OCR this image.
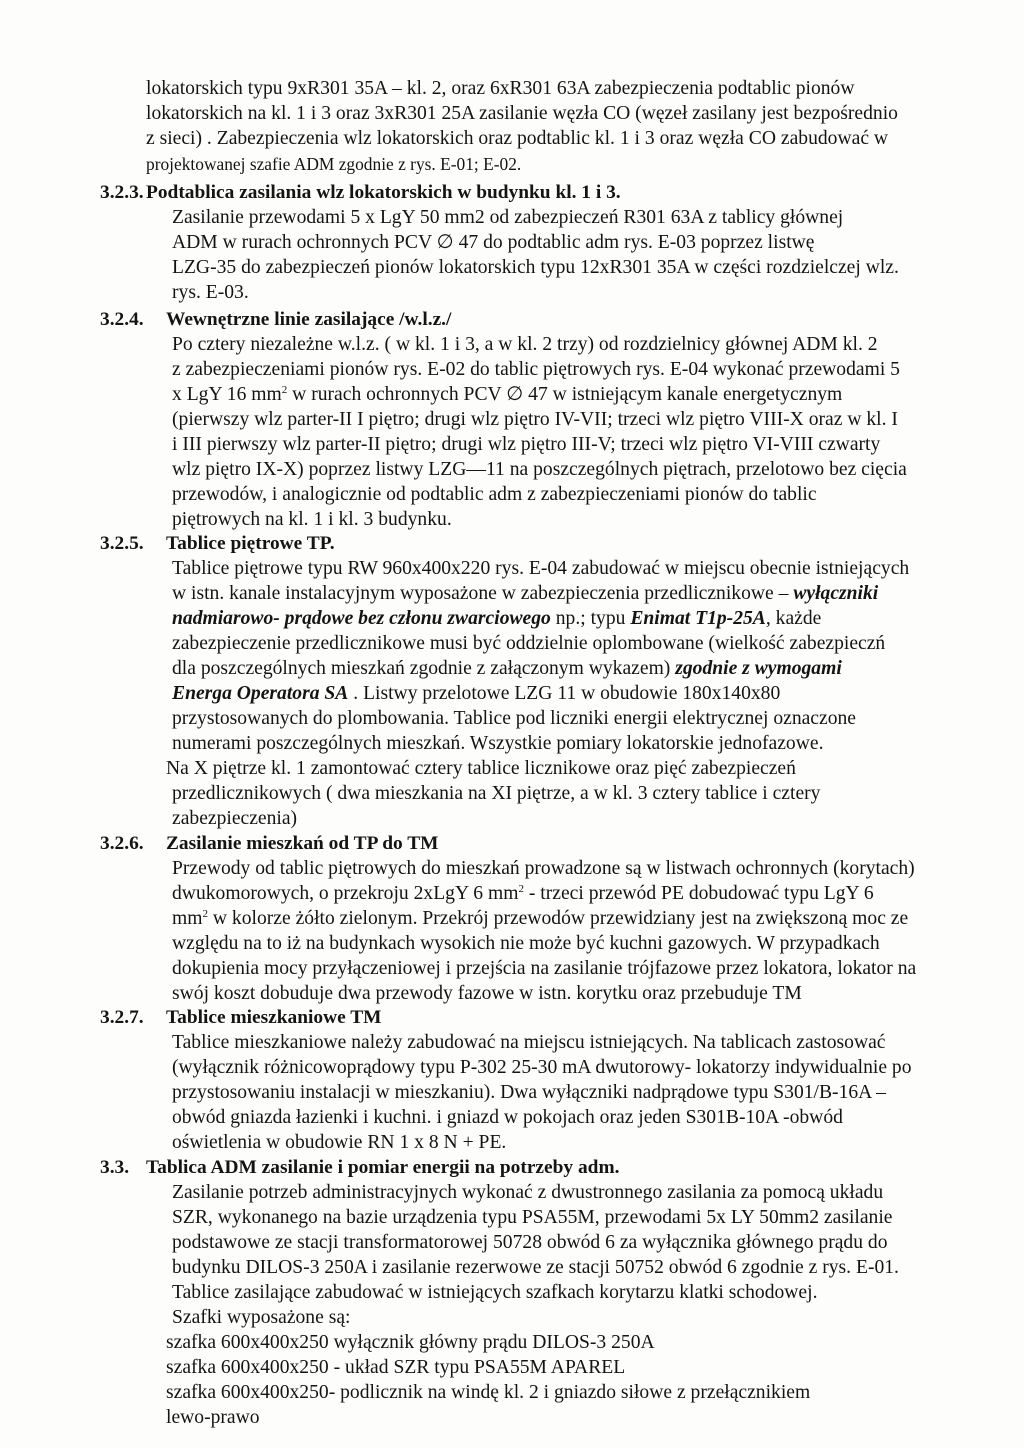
lokatorskich typu 9xR301 35A – kl. 2, oraz 6xR301 63A zabezpieczenia podtablic pionów
lokatorskich na kl. 1 i 3 oraz 3xR301 25A zasilanie węzła CO (węzeł zasilany jest bezpośrednio
z sieci) . Zabezpieczenia wlz lokatorskich oraz podtablic kl. 1 i 3 oraz węzła CO zabudować w
projektowanej szafie ADM zgodnie z rys. E-01; E-02.
3.2.3. Podtablica zasilania wlz lokatorskich w budynku kl. 1 i 3.
Zasilanie przewodami 5 x LgY 50 mm2 od zabezpieczeń R301 63A z tablicy głównej
ADM w rurach ochronnych PCV ∅ 47 do podtablic adm rys. E-03 poprzez listwę
LZG-35 do zabezpieczeń pionów lokatorskich typu 12xR301 35A w części rozdzielczej wlz.
rys. E-03.
3.2.4. Wewnętrzne linie zasilające /w.l.z./
Po cztery niezależne w.l.z. ( w kl. 1 i 3, a w kl. 2 trzy) od rozdzielnicy głównej ADM kl. 2
z zabezpieczeniami pionów rys. E-02 do tablic piętrowych rys. E-04 wykonać przewodami 5
x LgY 16 $mm^2$ w rurach ochronnych PCV ∅ 47 w istniejącym kanale energetycznym
(pierwszy wlz parter-II I piętro; drugi wlz piętro IV-VII; trzeci wlz piętro VIII-X oraz w kl. I
i III pierwszy wlz parter-II piętro; drugi wlz piętro III-V; trzeci wlz piętro VI-VIII czwarty
wlz piętro IX-X) poprzez listwy LZG—11 na poszczególnych piętrach, przelotowo bez cięcia
przewodów, i analogicznie od podtablic adm z zabezpieczeniami pionów do tablic
piętrowych na kl. 1 i kl. 3 budynku.
3.2.5. Tablice piętrowe TP.
Tablice piętrowe typu RW 960x400x220 rys. E-04 zabudować w miejscu obecnie istniejących
w istn. kanale instalacyjnym wyposażone w zabezpieczenia przedlicznikowe – wyłączniki
nadmiarowo- prądowe bez członu zwarciowego np.; typu Enimat T1p-25A, każde
zabezpieczenie przedlicznikowe musi być oddzielnie oplombowane (wielkość zabezpieczń
dla poszczególnych mieszkań zgodnie z załączonym wykazem) zgodnie z wymogami
Energa Operatora SA . Listwy przelotowe LZG 11 w obudowie 180x140x80
przystosowanych do plombowania. Tablice pod liczniki energii elektrycznej oznaczone
numerami poszczególnych mieszkań. Wszystkie pomiary lokatorskie jednofazowe.
Na X piętrze kl. 1 zamontować cztery tablice licznikowe oraz pięć zabezpieczeń
przedlicznikowych ( dwa mieszkania na XI piętrze, a w kl. 3 cztery tablice i cztery
zabezpieczenia)
3.2.6. Zasilanie mieszkań od TP do TM
Przewody od tablic piętrowych do mieszkań prowadzone są w listwach ochronnych (korytach)
dwukomorowych, o przekroju 2xLgY 6 $mm^2$ - trzeci przewód PE dobudować typu LgY 6
$mm^2$ w kolorze żółto zielonym. Przekrój przewodów przewidziany jest na zwiększoną moc ze
względu na to iż na budynkach wysokich nie może być kuchni gazowych. W przypadkach
dokupienia mocy przyłączeniowej i przejścia na zasilanie trójfazowe przez lokatora, lokator na
swój koszt dobuduje dwa przewody fazowe w istn. korytku oraz przebuduje TM
3.2.7. Tablice mieszkaniowe TM
Tablice mieszkaniowe należy zabudować na miejscu istniejących. Na tablicach zastosować
(wyłącznik różnicowoprądowy typu P-302 25-30 mA dwutorowy- lokatorzy indywidualnie po
przystosowaniu instalacji w mieszkaniu). Dwa wyłączniki nadprądowe typu S301/B-16A –
obwód gniazda łazienki i kuchni. i gniazd w pokojach oraz jeden S301B-10A -obwód
oświetlenia w obudowie RN 1 x 8 N + PE.
3.3. Tablica ADM zasilanie i pomiar energii na potrzeby adm.
Zasilanie potrzeb administracyjnych wykonać z dwustronnego zasilania za pomocą układu
SZR, wykonanego na bazie urządzenia typu PSA55M, przewodami 5x LY 50mm2 zasilanie
podstawowe ze stacji transformatorowej 50728 obwód 6 za wyłącznika głównego prądu do
budynku DILOS-3 250A i zasilanie rezerwowe ze stacji 50752 obwód 6 zgodnie z rys. E-01.
Tablice zasilające zabudować w istniejących szafkach korytarzu klatki schodowej.
Szafki wyposażone są:
szafka 600x400x250 wyłącznik główny prądu DILOS-3 250A
szafka 600x400x250 - układ SZR typu PSA55M APAREL
szafka 600x400x250- podlicznik na windę kl. 2 i gniazdo siłowe z przełącznikiem
lewo-prawo
